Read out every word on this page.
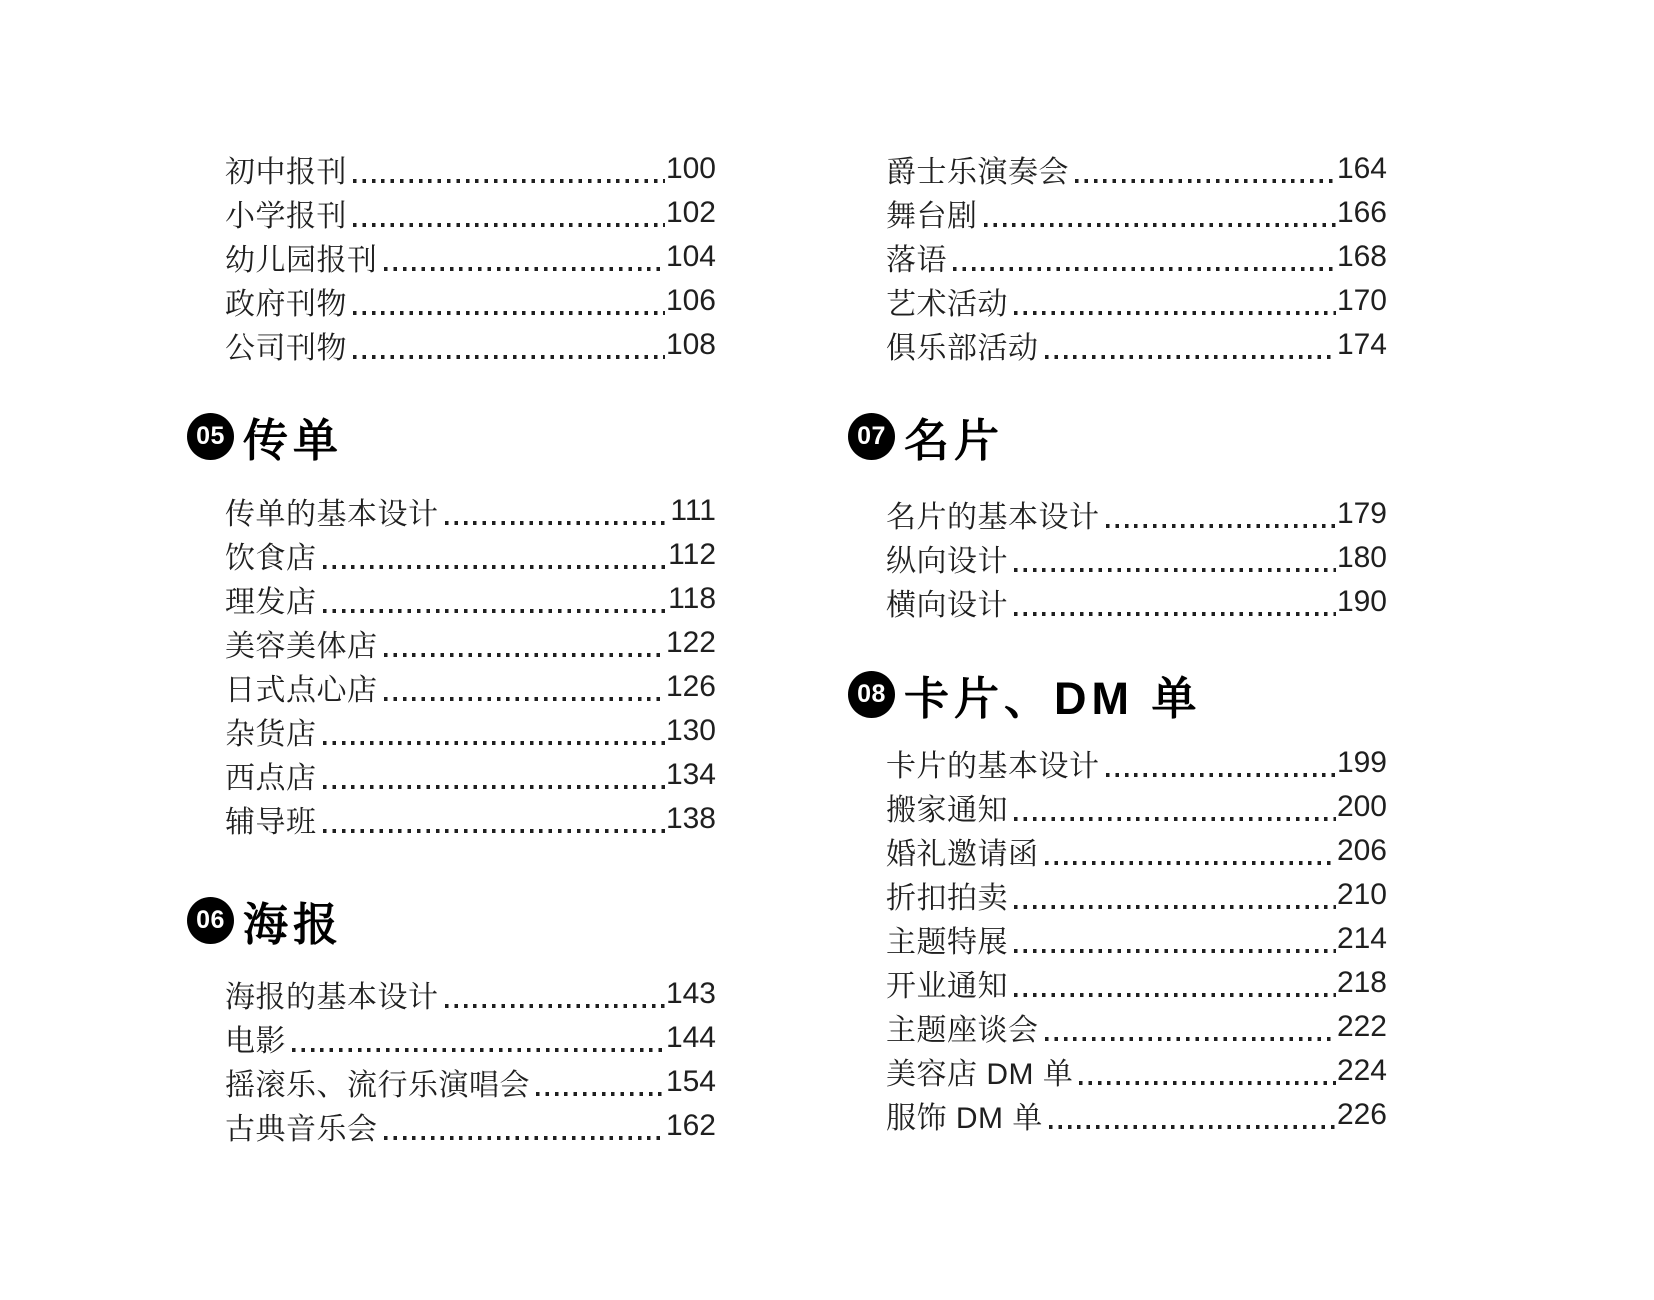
初中报刊	100
小学报刊	102
幼儿园报刊	104
政府刊物	106
公司刊物	108
05 传单
传单的基本设计	111
饮食店	112
理发店	118
美容美体店	122
日式点心店	126
杂货店	130
西点店	134
辅导班	138
06 海报
海报的基本设计	143
电影	144
摇滚乐、流行乐演唱会	154
古典音乐会	162
爵士乐演奏会	164
舞台剧	166
落语	168
艺术活动	170
俱乐部活动	174
07 名片
名片的基本设计	179
纵向设计	180
横向设计	190
08 卡片、DM 单
卡片的基本设计	199
搬家通知	200
婚礼邀请函	206
折扣拍卖	210
主题特展	214
开业通知	218
主题座谈会	222
美容店 DM 单	224
服饰 DM 单	226
